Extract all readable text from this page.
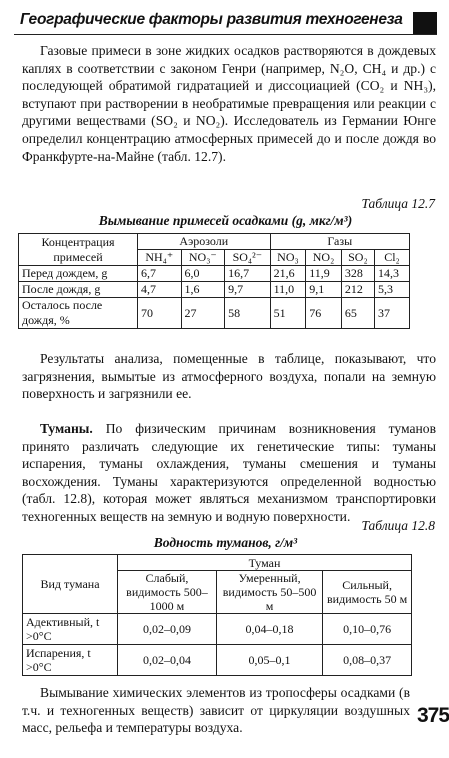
Географические факторы развития техногенеза
Газовые примеси в зоне жидких осадков растворяются в дождевых каплях в соответствии с законом Генри (например, N₂O, CH₄ и др.) с последующей обратимой гидратацией и диссоциацией (CO₂ и NH₃), вступают при растворении в необратимые превращения или реакции с другими веществами (SO₂ и NO₂). Исследователь из Германии Юнге определил концентрацию атмосферных примесей до и после дождя во Франкфурте-на-Майне (табл. 12.7).
Таблица 12.7
Вымывание примесей осадками (g, мкг/м³)
Концентрация примесей	Аэрозоли			Газы			
	NH₄⁺	NO₃⁻	SO₄²⁻	NO₃	NO₂	SO₂	Cl₂
Перед дождем, g	6,7	6,0	16,7	21,6	11,9	328	14,3
После дождя, g	4,7	1,6	9,7	11,0	9,1	212	5,3
Осталось после дождя, %	70	27	58	51	76	65	37
Результаты анализа, помещенные в таблице, показывают, что загрязнения, вымытые из атмосферного воздуха, попали на земную поверхность и загрязнили ее.
Туманы. По физическим причинам возникновения туманов принято различать следующие их генетические типы: туманы испарения, туманы охлаждения, туманы смешения и туманы восхождения. Туманы характеризуются определенной водностью (табл. 12.8), которая может являться механизмом транспортировки техногенных веществ на земную и водную поверхности.
Таблица 12.8
Водность туманов, г/м³
Вид тумана	Туман		
	Слабый, видимость 500–1000 м	Умеренный, видимость 50–500 м	Сильный, видимость 50 м
Адективный, t >0°C	0,02–0,09	0,04–0,18	0,10–0,76
Испарения, t >0°C	0,02–0,04	0,05–0,1	0,08–0,37
Вымывание химических элементов из тропосферы осадками (в т.ч. и техногенных веществ) зависит от циркуляции воздушных масс, рельефа и температуры воздуха.
375
